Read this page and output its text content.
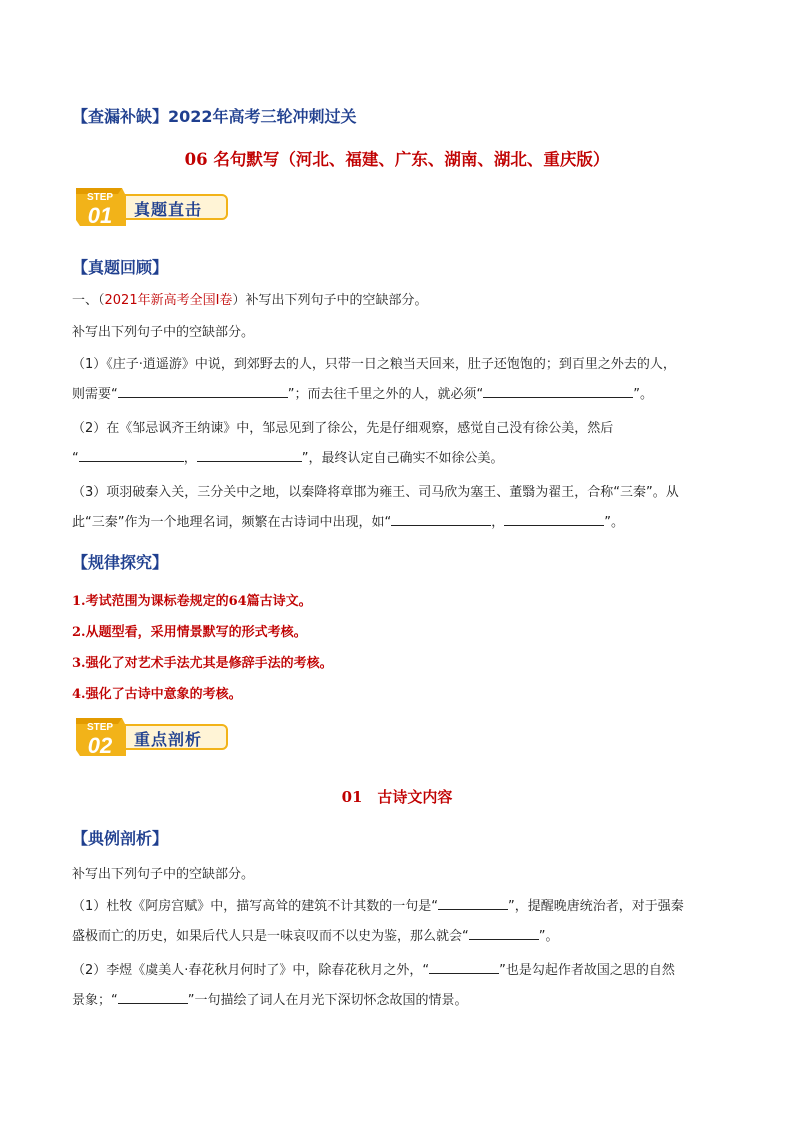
【查漏补缺】2022年高考三轮冲刺过关
06 名句默写（河北、福建、广东、湖南、湖北、重庆版）
真题直击
STEP
01
【真题回顾】
一、（2021年新高考全国Ⅰ卷）补写出下列句子中的空缺部分。
补写出下列句子中的空缺部分。
（1）《庄子·逍遥游》中说，到郊野去的人，只带一日之粮当天回来，肚子还饱饱的；到百里之外去的人，
则需要“	”；而去往千里之外的人，就必须“	”。
（2）在《邹忌讽齐王纳谏》中，邹忌见到了徐公，先是仔细观察，感觉自己没有徐公美，然后
“	，	”，最终认定自己确实不如徐公美。
（3）项羽破秦入关，三分关中之地，以秦降将章邯为雍王、司马欣为塞王、董翳为翟王，合称“三秦”。从
此“三秦”作为一个地理名词，频繁在古诗词中出现，如“	，	”。
【规律探究】
1.考试范围为课标卷规定的64篇古诗文。
2.从题型看，采用情景默写的形式考核。
3.强化了对艺术手法尤其是修辞手法的考核。
4.强化了古诗中意象的考核。
重点剖析
STEP
02
01　古诗文内容
【典例剖析】
补写出下列句子中的空缺部分。
（1）杜牧《阿房宫赋》中，描写高耸的建筑不计其数的一句是“	”，提醒晚唐统治者，对于强秦
盛极而亡的历史，如果后代人只是一味哀叹而不以史为鉴，那么就会“	”。
（2）李煜《虞美人·春花秋月何时了》中，除春花秋月之外，“	”也是勾起作者故国之思的自然
景象；“	”一句描绘了词人在月光下深切怀念故国的情景。
